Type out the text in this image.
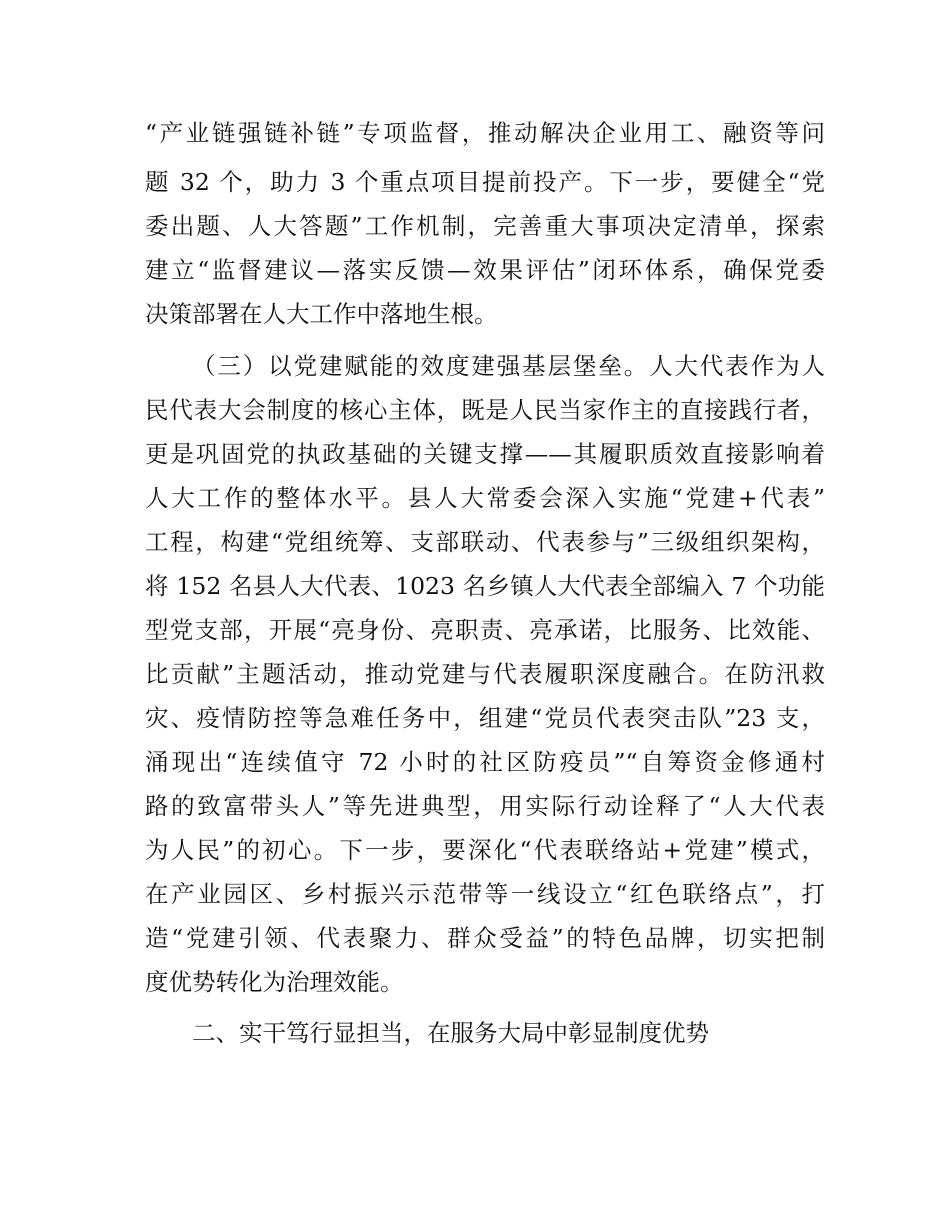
“产业链强链补链”专项监督，推动解决企业用工、融资等问
题 32 个，助力 3 个重点项目提前投产。下一步，要健全“党
委出题、人大答题”工作机制，完善重大事项决定清单，探索
建立“监督建议—落实反馈—效果评估”闭环体系，确保党委
决策部署在人大工作中落地生根。
（三）以党建赋能的效度建强基层堡垒。人大代表作为人
民代表大会制度的核心主体，既是人民当家作主的直接践行者，
更是巩固党的执政基础的关键支撑——其履职质效直接影响着
人大工作的整体水平。县人大常委会深入实施“党建+代表”
工程，构建“党组统筹、支部联动、代表参与”三级组织架构，
将 152 名县人大代表、1023 名乡镇人大代表全部编入 7 个功能
型党支部，开展“亮身份、亮职责、亮承诺，比服务、比效能、
比贡献”主题活动，推动党建与代表履职深度融合。在防汛救
灾、疫情防控等急难任务中，组建“党员代表突击队”23 支，
涌现出“连续值守 72 小时的社区防疫员”“自筹资金修通村
路的致富带头人”等先进典型，用实际行动诠释了“人大代表
为人民”的初心。下一步，要深化“代表联络站+党建”模式，
在产业园区、乡村振兴示范带等一线设立“红色联络点”，打
造“党建引领、代表聚力、群众受益”的特色品牌，切实把制
度优势转化为治理效能。
二、实干笃行显担当，在服务大局中彰显制度优势
